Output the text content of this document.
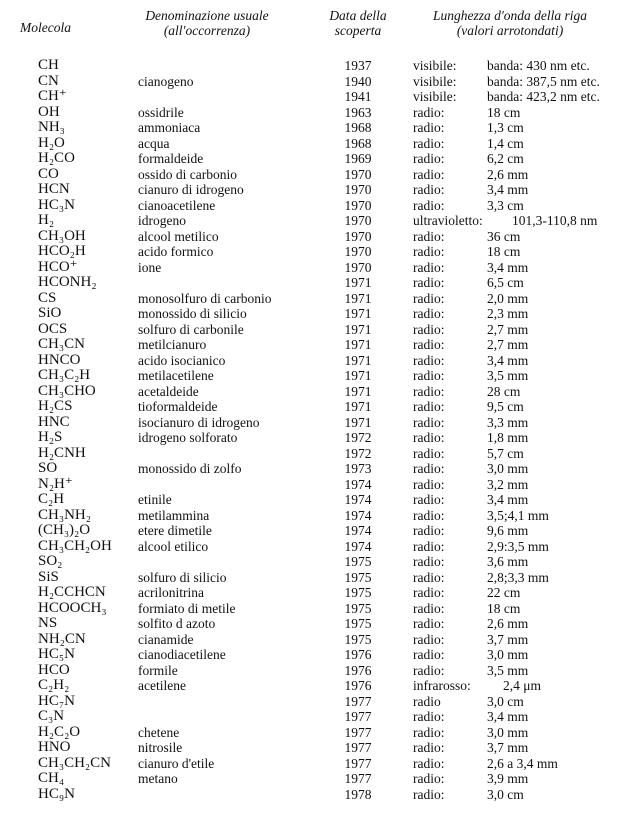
Molecola
Denominazione usuale
(all'occorrenza)
Data della
scoperta
Lunghezza d'onda della riga
(valori arrotondati)
CH	1937	visibile: banda: 430 nm etc.
CN	cianogeno	1940	visibile: banda: 387,5 nm etc.
CH⁺	1941	visibile: banda: 423,2 nm etc.
OH	ossidrile	1963	radio:	18 cm
NH₃	ammoniaca	1968	radio:	1,3 cm
H₂O	acqua	1968	radio:	1,4 cm
H₂CO	formaldeide	1969	radio:	6,2 cm
CO	ossido di carbonio	1970	radio:	2,6 mm
HCN	cianuro di idrogeno	1970	radio:	3,4 mm
HC₃N	cianoacetilene	1970	radio:	3,3 cm
H₂	idrogeno	1970	ultravioletto: 101,3-110,8 nm
CH₃OH	alcool metilico	1970	radio:	36 cm
HCO₂H	acido formico	1970	radio:	18 cm
HCO⁺	ione	1970	radio:	3,4 mm
HCONH₂	1971	radio:	6,5 cm
CS	monosolfuro di carbonio	1971	radio:	2,0 mm
SiO	monossido di silicio	1971	radio:	2,3 mm
OCS	solfuro di carbonile	1971	radio:	2,7 mm
CH₃CN	metilcianuro	1971	radio:	2,7 mm
HNCO	acido isocianico	1971	radio:	3,4 mm
CH₃C₂H	metilacetilene	1971	radio:	3,5 mm
CH₃CHO	acetaldeide	1971	radio:	28 cm
H₂CS	tioformaldeide	1971	radio:	9,5 cm
HNC	isocianuro di idrogeno	1971	radio:	3,3 mm
H₂S	idrogeno solforato	1972	radio:	1,8 mm
H₂CNH	1972	radio:	5,7 cm
SO	monossido di zolfo	1973	radio:	3,0 mm
N₂H⁺	1974	radio:	3,2 mm
C₂H	etinile	1974	radio:	3,4 mm
CH₃NH₂	metilammina	1974	radio:	3,5;4,1 mm
(CH₃)₂O	etere dimetile	1974	radio:	9,6 mm
CH₃CH₂OH alcool etilico	1974	radio:	2,9:3,5 mm
SO₂	1975	radio:	3,6 mm
SiS	solfuro di silicio	1975	radio:	2,8;3,3 mm
H₂CCHCN acrilonitrina	1975	radio:	22 cm
HCOOCH₃ formiato di metile	1975	radio:	18 cm
NS	solfito d azoto	1975	radio:	2,6 mm
NH₂CN	cianamide	1975	radio:	3,7 mm
HC₅N	cianodiacetilene	1976	radio:	3,0 mm
HCO	formile	1976	radio:	3,5 mm
C₂H₂	acetilene	1976	infrarosso: 2,4 μm
HC₇N	1977	radio	3,0 cm
C₃N	1977	radio:	3,4 mm
H₂C₂O	chetene	1977	radio:	3,0 mm
HNO	nitrosile	1977	radio:	3,7 mm
CH₃CH₂CN cianuro d'etile	1977	radio:	2,6 a 3,4 mm
CH₄	metano	1977	radio:	3,9 mm
HC₉N	1978	radio:	3,0 cm
